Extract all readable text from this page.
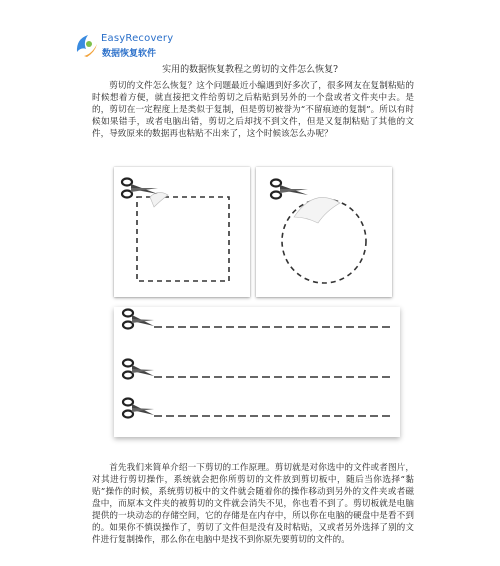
EasyRecovery
数据恢复软件
实用的数据恢复教程之剪切的文件怎么恢复?

剪切的文件怎么恢复？这个问题最近小编遇到好多次了，很多网友在复制粘贴的时候想着方便，就直接把文件给剪切之后粘贴到另外的一个盘或者文件夹中去。是的，剪切在一定程度上是类似于复制，但是剪切被誉为“不留痕迹的复制”。所以有时候如果错手，或者电脑出错，剪切之后却找不到文件，但是又复制粘贴了其他的文件，导致原来的数据再也粘贴不出来了，这个时候该怎么办呢？

首先我们来简单介绍一下剪切的工作原理。剪切就是对你选中的文件或者图片，对其进行剪切操作，系统就会把你所剪切的文件放到剪切板中，随后当你选择“黏贴”操作的时候，系统剪切板中的文件就会随着你的操作移动到另外的文件夹或者磁盘中，而原本文件夹的被剪切的文件就会消失不见，你也看不到了。剪切板就是电脑提供的一块动态的存储空间，它的存储是在内存中，所以你在电脑的硬盘中是看不到的。如果你不慎误操作了，剪切了文件但是没有及时粘贴，又或者另外选择了别的文件进行复制操作，那么你在电脑中是找不到你原先要剪切的文件的。
